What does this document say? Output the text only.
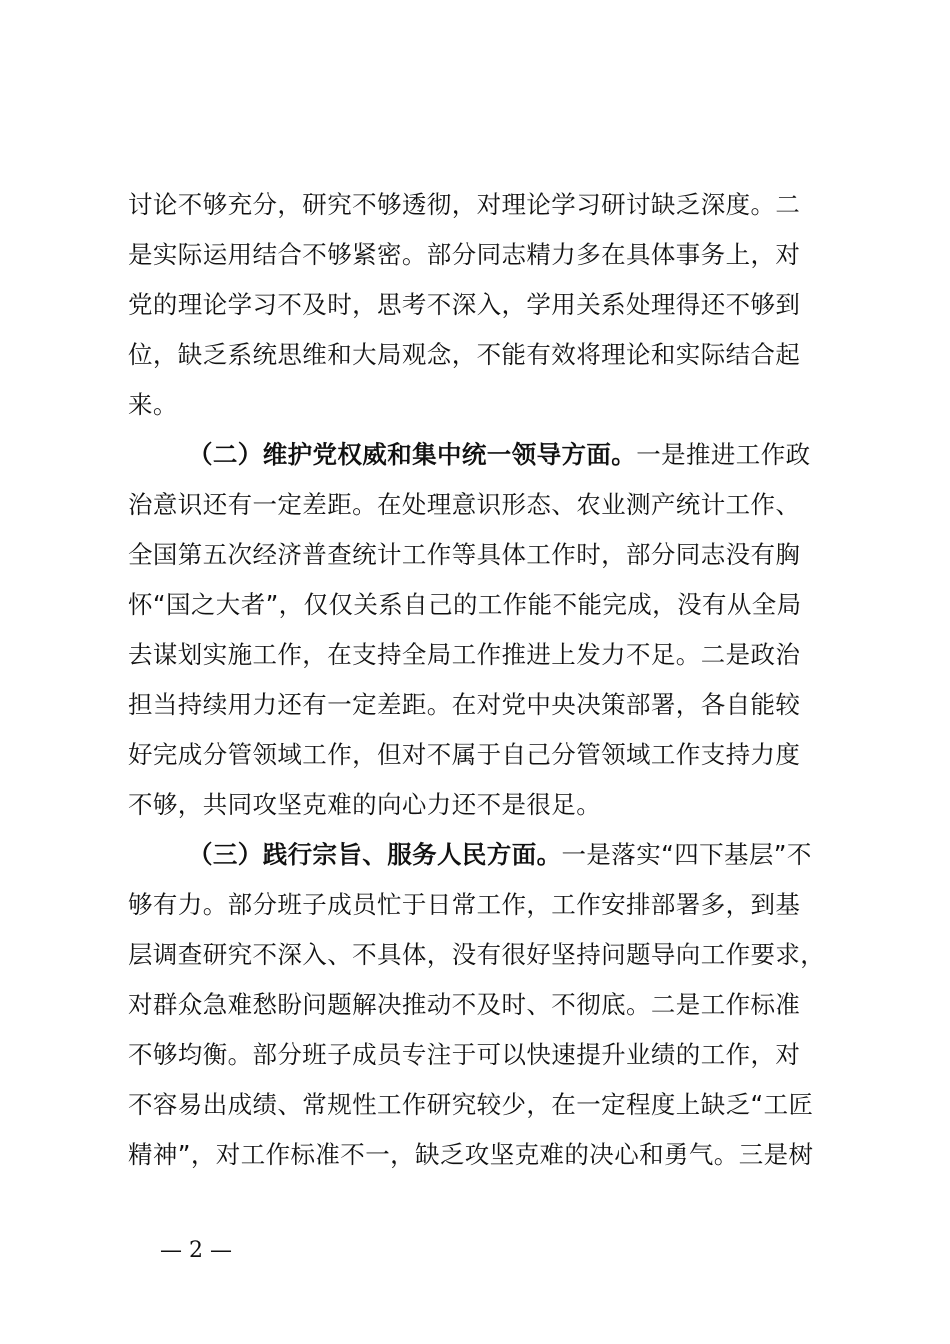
讨论不够充分，研究不够透彻，对理论学习研讨缺乏深度。二
是实际运用结合不够紧密。部分同志精力多在具体事务上，对
党的理论学习不及时，思考不深入，学用关系处理得还不够到
位，缺乏系统思维和大局观念，不能有效将理论和实际结合起
来。
（二）维护党权威和集中统一领导方面。一是推进工作政
治意识还有一定差距。在处理意识形态、农业测产统计工作、
全国第五次经济普查统计工作等具体工作时，部分同志没有胸
怀“国之大者”，仅仅关系自己的工作能不能完成，没有从全局
去谋划实施工作，在支持全局工作推进上发力不足。二是政治
担当持续用力还有一定差距。在对党中央决策部署，各自能较
好完成分管领域工作，但对不属于自己分管领域工作支持力度
不够，共同攻坚克难的向心力还不是很足。
（三）践行宗旨、服务人民方面。一是落实“四下基层”不
够有力。部分班子成员忙于日常工作，工作安排部署多，到基
层调查研究不深入、不具体，没有很好坚持问题导向工作要求，
对群众急难愁盼问题解决推动不及时、不彻底。二是工作标准
不够均衡。部分班子成员专注于可以快速提升业绩的工作，对
不容易出成绩、常规性工作研究较少，在一定程度上缺乏“工匠
精神”，对工作标准不一，缺乏攻坚克难的决心和勇气。三是树
— 2 —
